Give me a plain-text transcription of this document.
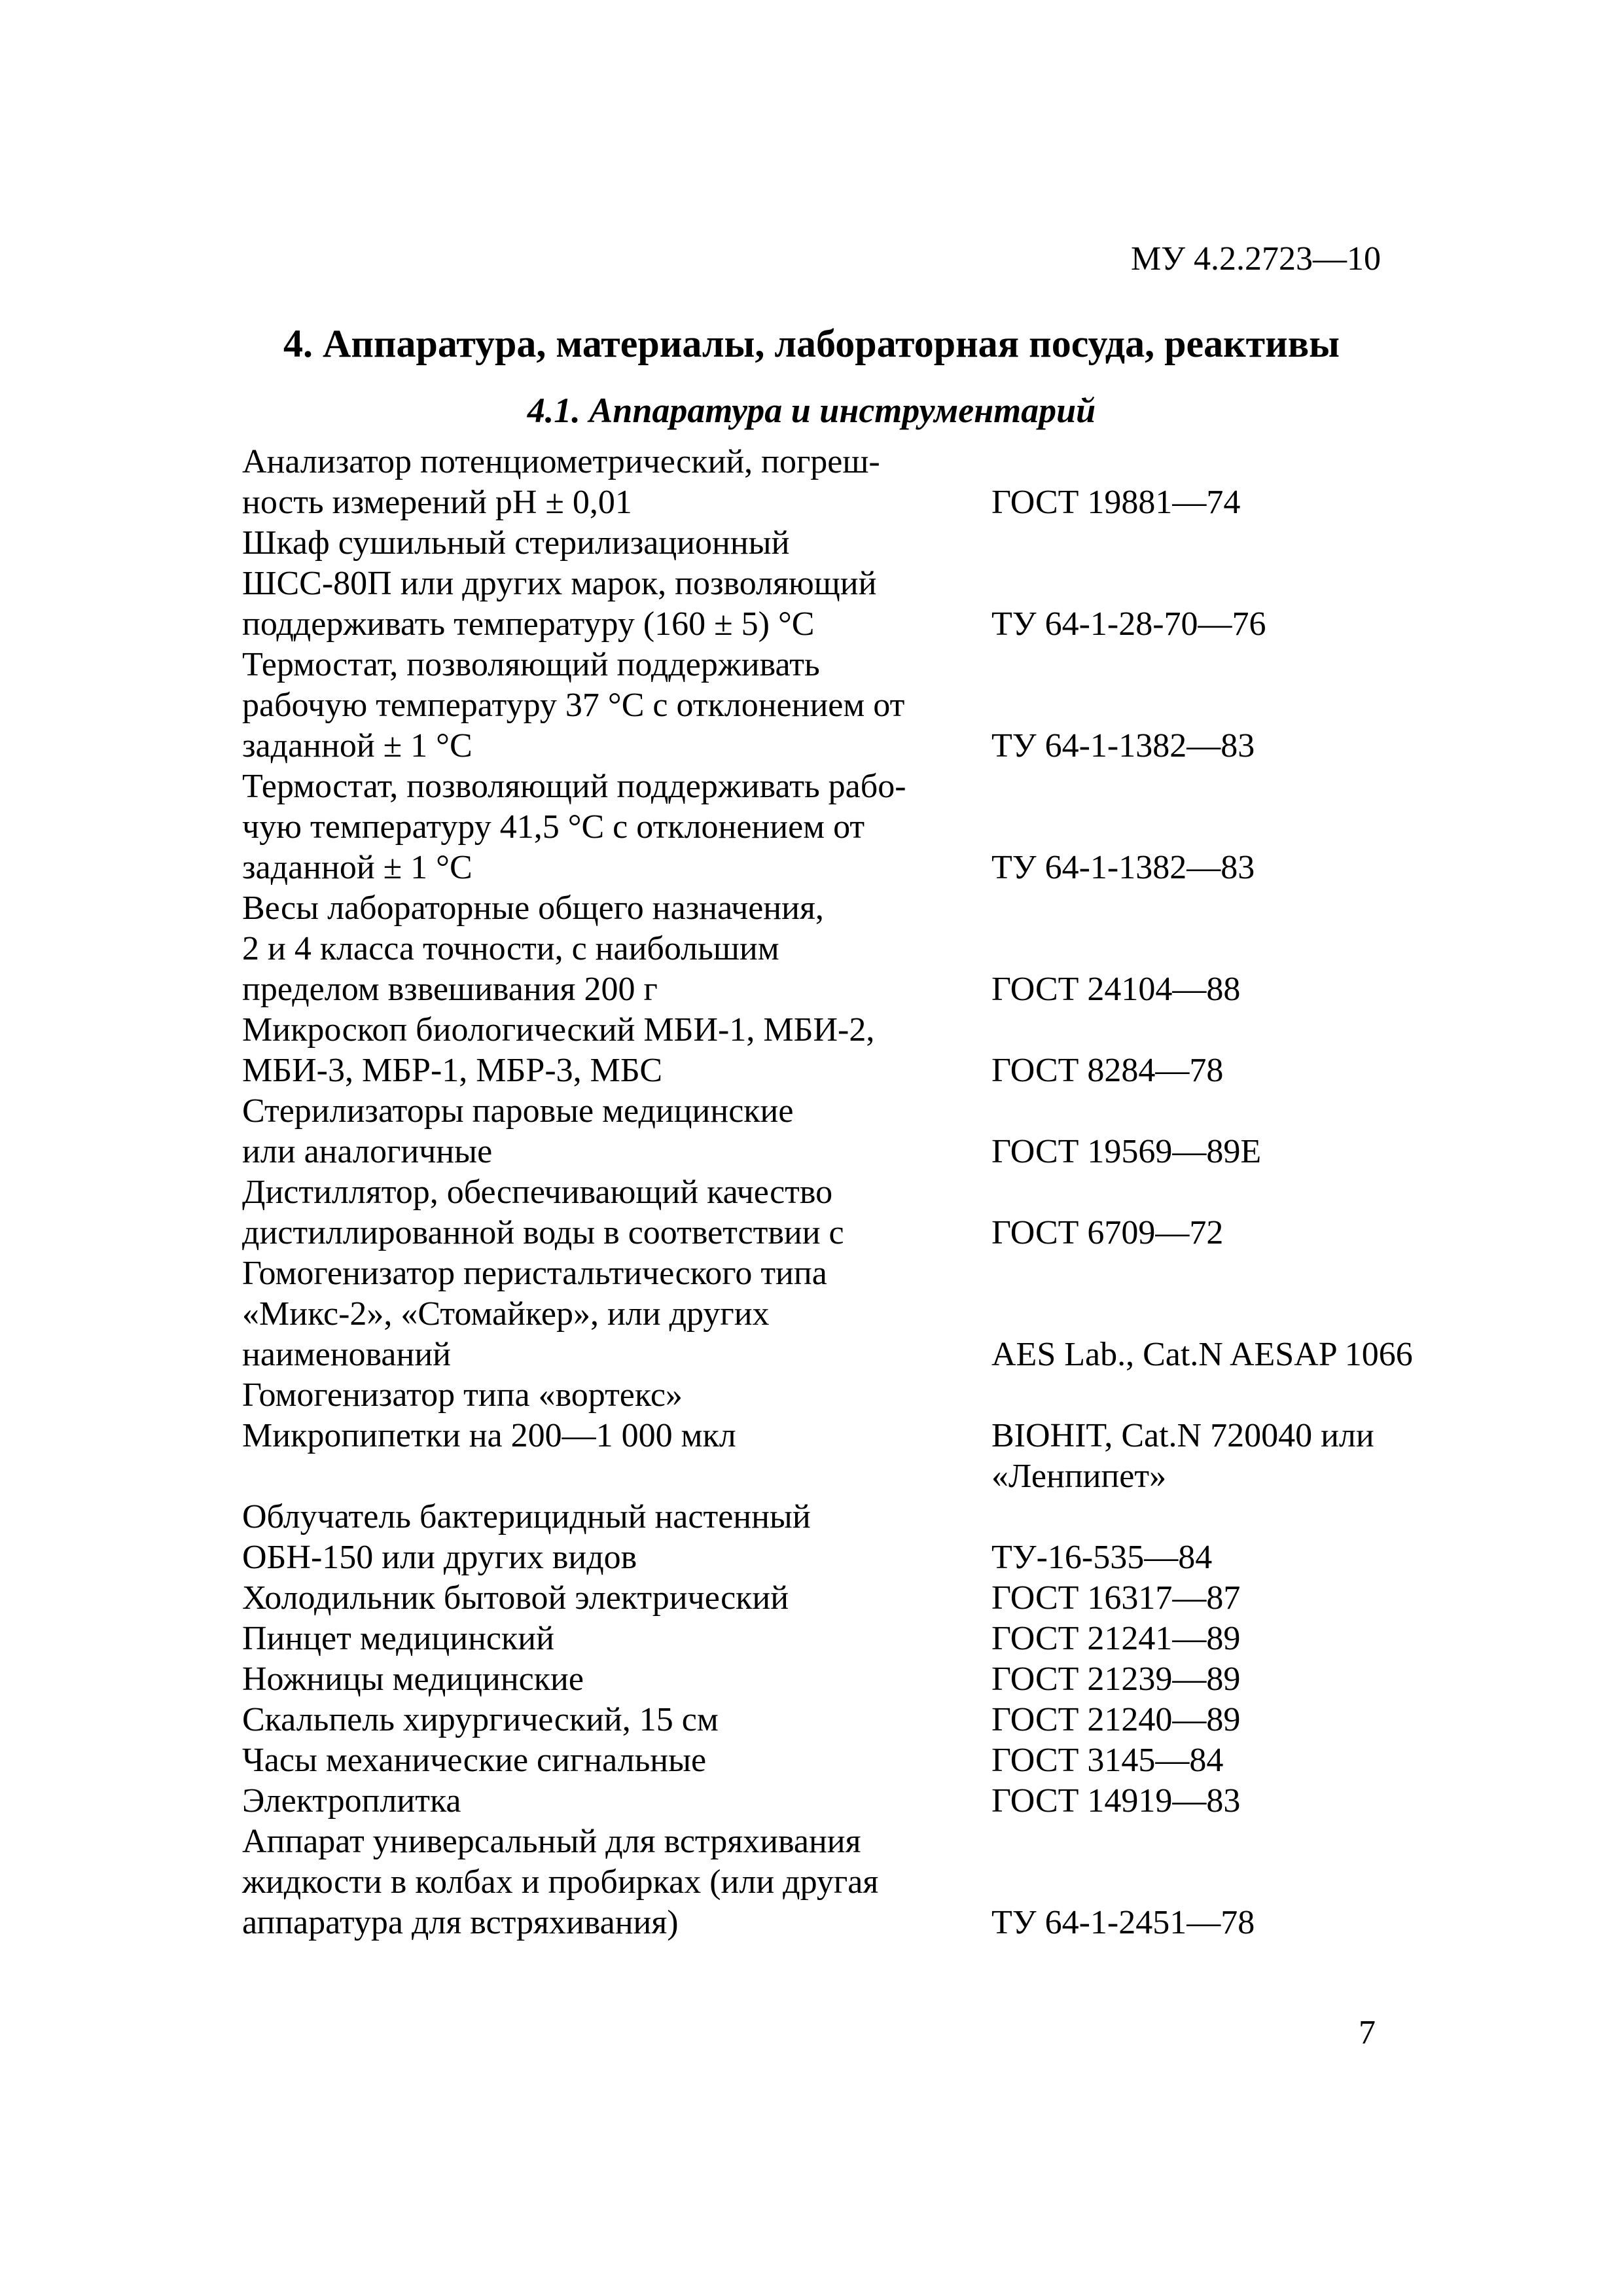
МУ 4.2.2723—10
4. Аппаратура, материалы, лабораторная посуда, реактивы
4.1. Аппаратура и инструментарий
Анализатор потенциометрический, погреш-
ность измерений рН ± 0,01	ГОСТ 19881—74
Шкаф сушильный стерилизационный
ШСС-80П или других марок, позволяющий
поддерживать температуру (160 ± 5) °С	ТУ 64-1-28-70—76
Термостат, позволяющий поддерживать
рабочую температуру 37 °С с отклонением от
заданной ± 1 °С	ТУ 64-1-1382—83
Термостат, позволяющий поддерживать рабо-
чую температуру 41,5 °С с отклонением от
заданной ± 1 °С	ТУ 64-1-1382—83
Весы лабораторные общего назначения,
2 и 4 класса точности, с наибольшим
пределом взвешивания 200 г	ГОСТ 24104—88
Микроскоп биологический МБИ-1, МБИ-2,
МБИ-3, МБР-1, МБР-3, МБС	ГОСТ 8284—78
Стерилизаторы паровые медицинские
или аналогичные	ГОСТ 19569—89Е
Дистиллятор, обеспечивающий качество
дистиллированной воды в соответствии с	ГОСТ 6709—72
Гомогенизатор перистальтического типа
«Микс-2», «Стомайкер», или других
наименований	AES Lab., Cat.N AESAP 1066
Гомогенизатор типа «вортекс»
Микропипетки на 200—1 000 мкл	BIOHIT, Cat.N 720040 или
«Ленпипет»
Облучатель бактерицидный настенный
ОБН-150 или других видов	ТУ-16-535—84
Холодильник бытовой электрический	ГОСТ 16317—87
Пинцет медицинский	ГОСТ 21241—89
Ножницы медицинские	ГОСТ 21239—89
Скальпель хирургический, 15 см	ГОСТ 21240—89
Часы механические сигнальные	ГОСТ 3145—84
Электроплитка	ГОСТ 14919—83
Аппарат универсальный для встряхивания
жидкости в колбах и пробирках (или другая
аппаратура для встряхивания)	ТУ 64-1-2451—78
7
